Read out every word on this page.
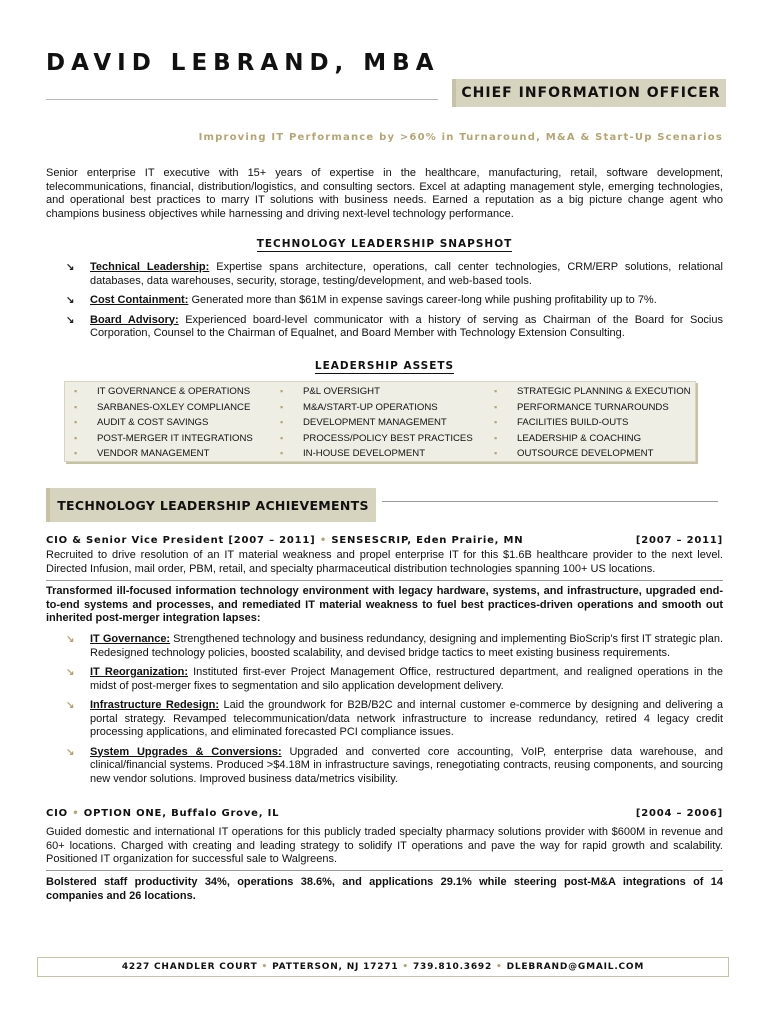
DAVID LEBRAND, MBA
CHIEF INFORMATION OFFICER
Improving IT Performance by >60% in Turnaround, M&A & Start-Up Scenarios

Senior enterprise IT executive with 15+ years of expertise in the healthcare, manufacturing, retail, software development, telecommunications, financial, distribution/logistics, and consulting sectors. Excel at adapting management style, emerging technologies, and operational best practices to marry IT solutions with business needs. Earned a reputation as a big picture change agent who champions business objectives while harnessing and driving next-level technology performance.

TECHNOLOGY LEADERSHIP SNAPSHOT
↘ Technical Leadership: Expertise spans architecture, operations, call center technologies, CRM/ERP solutions, relational databases, data warehouses, security, storage, testing/development, and web-based tools.
↘ Cost Containment: Generated more than $61M in expense savings career-long while pushing profitability up to 7%.
↘ Board Advisory: Experienced board-level communicator with a history of serving as Chairman of the Board for Socius Corporation, Counsel to the Chairman of Equalnet, and Board Member with Technology Extension Consulting.
LEADERSHIP ASSETS
▪ IT GOVERNANCE & OPERATIONS
▪ SARBANES-OXLEY COMPLIANCE
▪ AUDIT & COST SAVINGS
▪ POST-MERGER IT INTEGRATIONS
▪ VENDOR MANAGEMENT
▪ P&L OVERSIGHT
▪ M&A/START-UP OPERATIONS
▪ DEVELOPMENT MANAGEMENT
▪ PROCESS/POLICY BEST PRACTICES
▪ IN-HOUSE DEVELOPMENT
▪ STRATEGIC PLANNING & EXECUTION
▪ PERFORMANCE TURNAROUNDS
▪ FACILITIES BUILD-OUTS
▪ LEADERSHIP & COACHING
▪ OUTSOURCE DEVELOPMENT
TECHNOLOGY LEADERSHIP ACHIEVEMENTS
CIO & Senior Vice President [2007 – 2011] • SENSESCRIP, Eden Prairie, MN	[2007 – 2011]

Recruited to drive resolution of an IT material weakness and propel enterprise IT for this $1.6B healthcare provider to the next level. Directed Infusion, mail order, PBM, retail, and specialty pharmaceutical distribution technologies spanning 100+ US locations.

Transformed ill-focused information technology environment with legacy hardware, systems, and infrastructure, upgraded end-to-end systems and processes, and remediated IT material weakness to fuel best practices-driven operations and smooth out inherited post-merger integration lapses:

↘ IT Governance: Strengthened technology and business redundancy, designing and implementing BioScrip's first IT strategic plan. Redesigned technology policies, boosted scalability, and devised bridge tactics to meet existing business requirements.
↘ IT Reorganization: Instituted first-ever Project Management Office, restructured department, and realigned operations in the midst of post-merger fixes to segmentation and silo application development delivery.
↘ Infrastructure Redesign: Laid the groundwork for B2B/B2C and internal customer e-commerce by designing and delivering a portal strategy. Revamped telecommunication/data network infrastructure to increase redundancy, retired 4 legacy credit processing applications, and eliminated forecasted PCI compliance issues.
↘ System Upgrades & Conversions: Upgraded and converted core accounting, VoIP, enterprise data warehouse, and clinical/financial systems. Produced >$4.18M in infrastructure savings, renegotiating contracts, reusing components, and sourcing new vendor solutions. Improved business data/metrics visibility.
CIO • OPTION ONE, Buffalo Grove, IL	[2004 – 2006]

Guided domestic and international IT operations for this publicly traded specialty pharmacy solutions provider with $600M in revenue and 60+ locations. Charged with creating and leading strategy to solidify IT operations and pave the way for rapid growth and scalability. Positioned IT organization for successful sale to Walgreens.

Bolstered staff productivity 34%, operations 38.6%, and applications 29.1% while steering post-M&A integrations of 14 companies and 26 locations.

4227 CHANDLER COURT • PATTERSON, NJ 17271 • 739.810.3692 • DLEBRAND@GMAIL.COM
